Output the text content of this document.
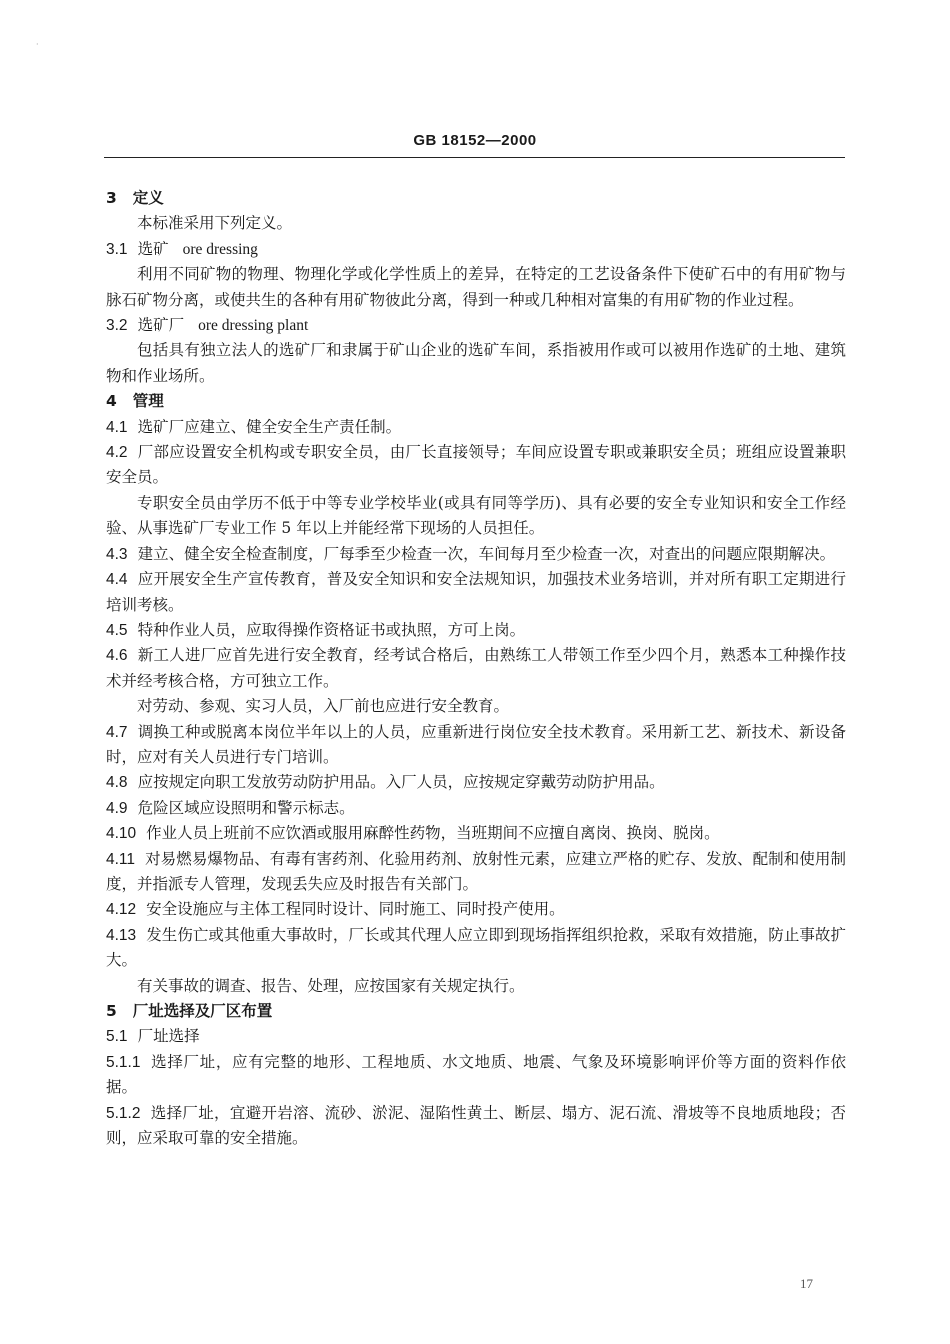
·
GB 18152—2000

3 定义

本标准采用下列定义。

3.1 选矿 ore dressing

利用不同矿物的物理、物理化学或化学性质上的差异，在特定的工艺设备条件下使矿石中的有用矿物与脉石矿物分离，或使共生的各种有用矿物彼此分离，得到一种或几种相对富集的有用矿物的作业过程。

3.2 选矿厂 ore dressing plant

包括具有独立法人的选矿厂和隶属于矿山企业的选矿车间，系指被用作或可以被用作选矿的土地、建筑物和作业场所。

4 管理

4.1 选矿厂应建立、健全安全生产责任制。

4.2 厂部应设置安全机构或专职安全员，由厂长直接领导；车间应设置专职或兼职安全员；班组应设置兼职安全员。

专职安全员由学历不低于中等专业学校毕业(或具有同等学历)、具有必要的安全专业知识和安全工作经验、从事选矿厂专业工作 5 年以上并能经常下现场的人员担任。

4.3 建立、健全安全检查制度，厂每季至少检查一次，车间每月至少检查一次，对查出的问题应限期解决。

4.4 应开展安全生产宣传教育，普及安全知识和安全法规知识，加强技术业务培训，并对所有职工定期进行培训考核。

4.5 特种作业人员，应取得操作资格证书或执照，方可上岗。

4.6 新工人进厂应首先进行安全教育，经考试合格后，由熟练工人带领工作至少四个月，熟悉本工种操作技术并经考核合格，方可独立工作。

对劳动、参观、实习人员，入厂前也应进行安全教育。

4.7 调换工种或脱离本岗位半年以上的人员，应重新进行岗位安全技术教育。采用新工艺、新技术、新设备时，应对有关人员进行专门培训。

4.8 应按规定向职工发放劳动防护用品。入厂人员，应按规定穿戴劳动防护用品。

4.9 危险区域应设照明和警示标志。

4.10 作业人员上班前不应饮酒或服用麻醉性药物，当班期间不应擅自离岗、换岗、脱岗。

4.11 对易燃易爆物品、有毒有害药剂、化验用药剂、放射性元素，应建立严格的贮存、发放、配制和使用制度，并指派专人管理，发现丢失应及时报告有关部门。

4.12 安全设施应与主体工程同时设计、同时施工、同时投产使用。

4.13 发生伤亡或其他重大事故时，厂长或其代理人应立即到现场指挥组织抢救，采取有效措施，防止事故扩大。

有关事故的调查、报告、处理，应按国家有关规定执行。

5 厂址选择及厂区布置

5.1 厂址选择

5.1.1 选择厂址，应有完整的地形、工程地质、水文地质、地震、气象及环境影响评价等方面的资料作依据。

5.1.2 选择厂址，宜避开岩溶、流砂、淤泥、湿陷性黄土、断层、塌方、泥石流、滑坡等不良地质地段；否则，应采取可靠的安全措施。

17
